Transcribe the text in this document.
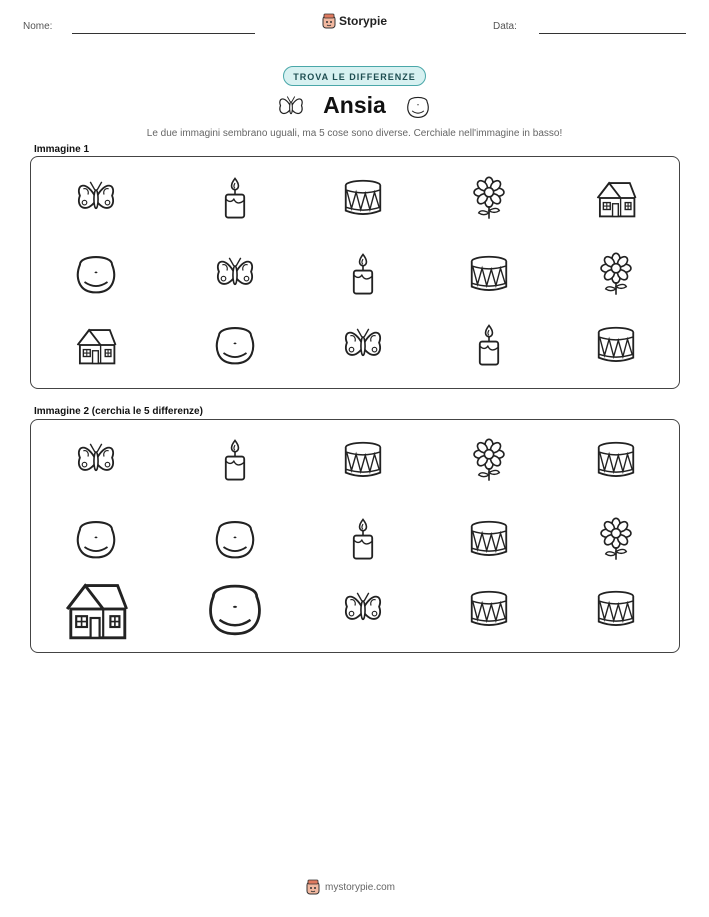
Nome:	Storypie	Data:
TROVA LE DIFFERENZE
Ansia
Le due immagini sembrano uguali, ma 5 cose sono diverse. Cerchiale nell'immagine in basso!
Immagine 1
Immagine 2 (cerchia le 5 differenze)
mystorypie.com
